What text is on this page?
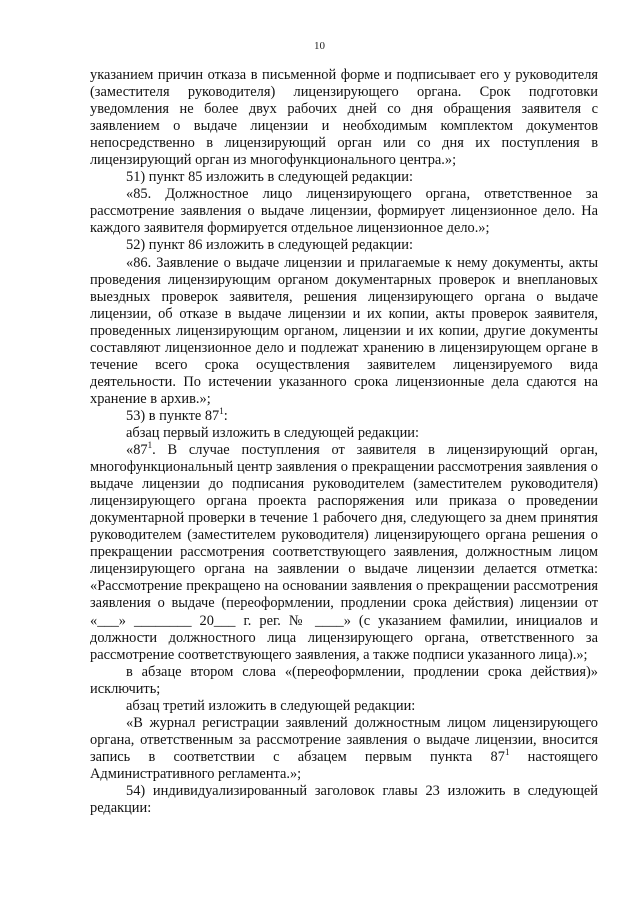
10

указанием причин отказа в письменной форме и подписывает его у руководителя (заместителя руководителя) лицензирующего органа. Срок подготовки уведомления не более двух рабочих дней со дня обращения заявителя с заявлением о выдаче лицензии и необходимым комплектом документов непосредственно в лицензирующий орган или со дня их поступления в лицензирующий орган из многофункционального центра.»;

51) пункт 85 изложить в следующей редакции:

«85. Должностное лицо лицензирующего органа, ответственное за рассмотрение заявления о выдаче лицензии, формирует лицензионное дело. На каждого заявителя формируется отдельное лицензионное дело.»;

52) пункт 86 изложить в следующей редакции:

«86. Заявление о выдаче лицензии и прилагаемые к нему документы, акты проведения лицензирующим органом документарных проверок и внеплановых выездных проверок заявителя, решения лицензирующего органа о выдаче лицензии, об отказе в выдаче лицензии и их копии, акты проверок заявителя, проведенных лицензирующим органом, лицензии и их копии, другие документы составляют лицензионное дело и подлежат хранению в лицензирующем органе в течение всего срока осуществления заявителем лицензируемого вида деятельности. По истечении указанного срока лицензионные дела сдаются на хранение в архив.»;

53) в пункте $87^1$:

абзац первый изложить в следующей редакции:

«$87^1$. В случае поступления от заявителя в лицензирующий орган, многофункциональный центр заявления о прекращении рассмотрения заявления о выдаче лицензии до подписания руководителем (заместителем руководителя) лицензирующего органа проекта распоряжения или приказа о проведении документарной проверки в течение 1 рабочего дня, следующего за днем принятия руководителем (заместителем руководителя) лицензирующего органа решения о прекращении рассмотрения соответствующего заявления, должностным лицом лицензирующего органа на заявлении о выдаче лицензии делается отметка: «Рассмотрение прекращено на основании заявления о прекращении рассмотрения заявления о выдаче (переоформлении, продлении срока действия) лицензии от «___» ________ 20___ г. рег. № ____» (с указанием фамилии, инициалов и должности должностного лица лицензирующего органа, ответственного за рассмотрение соответствующего заявления, а также подписи указанного лица).»;

в абзаце втором слова «(переоформлении, продлении срока действия)» исключить;

абзац третий изложить в следующей редакции:

«В журнал регистрации заявлений должностным лицом лицензирующего органа, ответственным за рассмотрение заявления о выдаче лицензии, вносится запись в соответствии с абзацем первым пункта $87^1$ настоящего Административного регламента.»;

54) индивидуализированный заголовок главы 23 изложить в следующей редакции:
